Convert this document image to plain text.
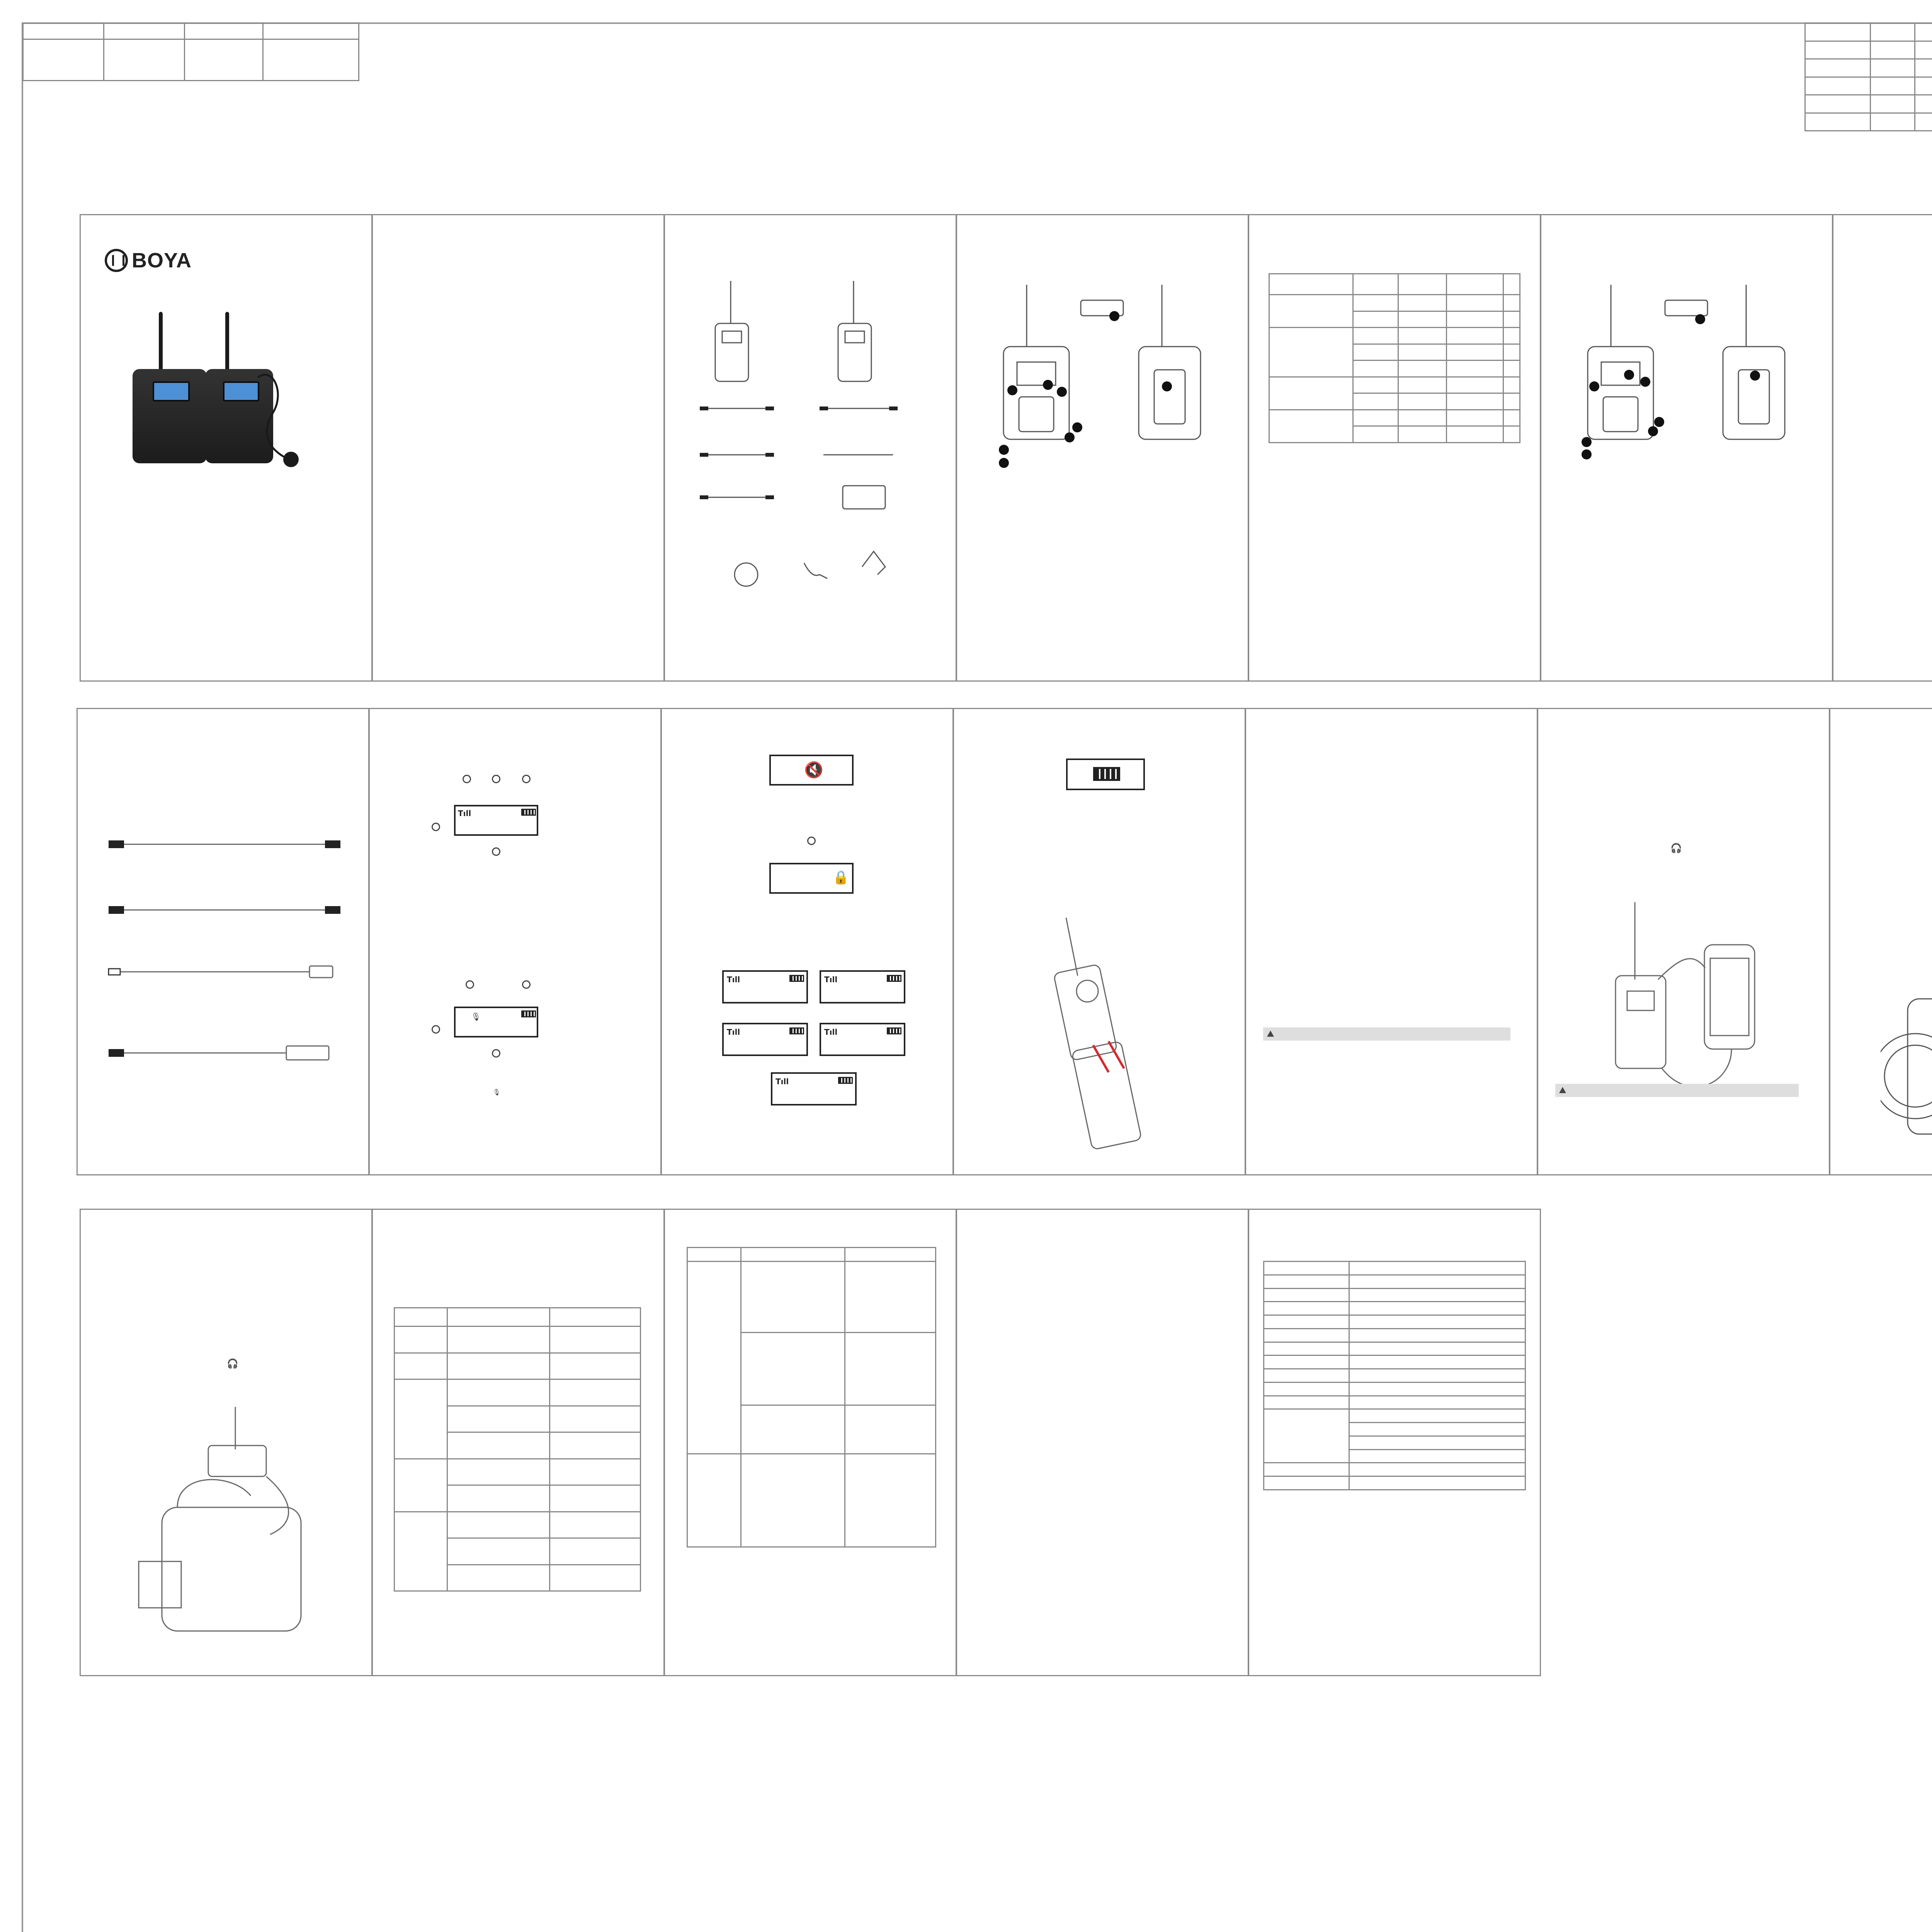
BOYA

Tıll
🎙
🎙
🔇
🔒
Tıll	Tıll
Tıll	Tıll
Tıll
🎧
🎧
